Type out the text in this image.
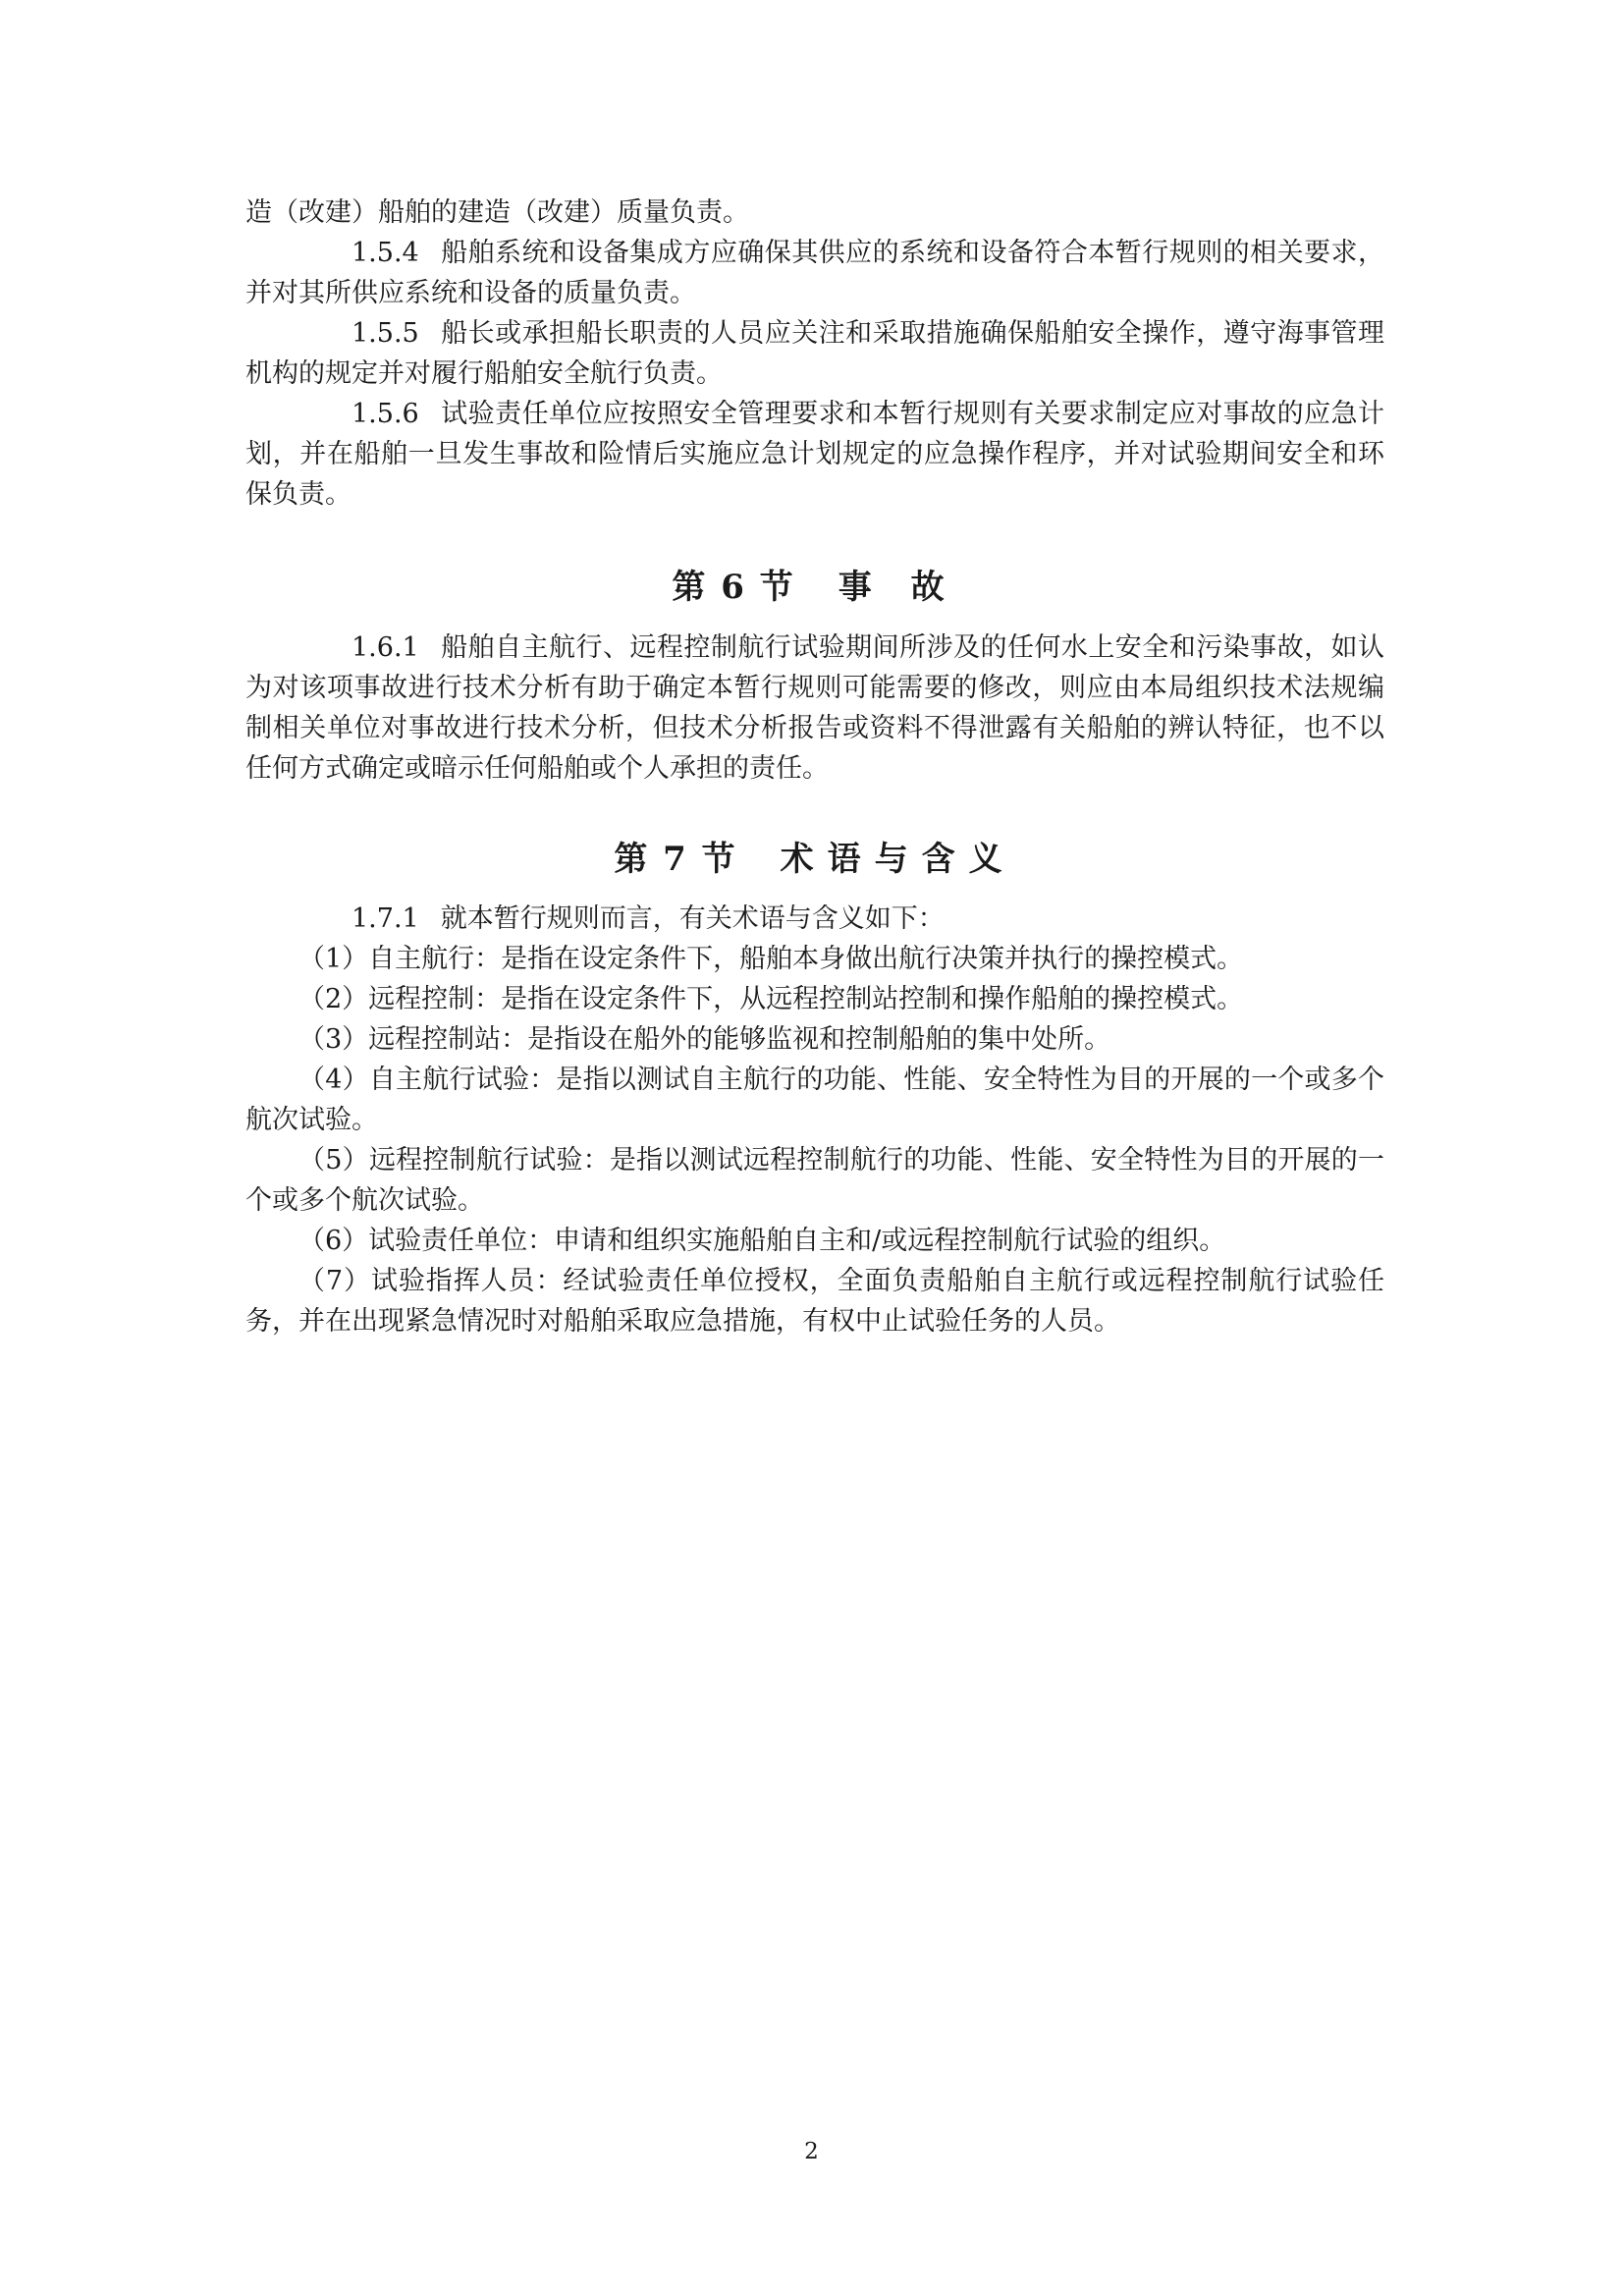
造（改建）船舶的建造（改建）质量负责。

1.5.4 船舶系统和设备集成方应确保其供应的系统和设备符合本暂行规则的相关要求，并对其所供应系统和设备的质量负责。

1.5.5 船长或承担船长职责的人员应关注和采取措施确保船舶安全操作，遵守海事管理机构的规定并对履行船舶安全航行负责。

1.5.6 试验责任单位应按照安全管理要求和本暂行规则有关要求制定应对事故的应急计划，并在船舶一旦发生事故和险情后实施应急计划规定的应急操作程序，并对试验期间安全和环保负责。

第 6 节 事 故

1.6.1 船舶自主航行、远程控制航行试验期间所涉及的任何水上安全和污染事故，如认为对该项事故进行技术分析有助于确定本暂行规则可能需要的修改，则应由本局组织技术法规编制相关单位对事故进行技术分析，但技术分析报告或资料不得泄露有关船舶的辨认特征，也不以任何方式确定或暗示任何船舶或个人承担的责任。

第 7 节 术语与含义

1.7.1 就本暂行规则而言，有关术语与含义如下：

（1）自主航行：是指在设定条件下，船舶本身做出航行决策并执行的操控模式。

（2）远程控制：是指在设定条件下，从远程控制站控制和操作船舶的操控模式。

（3）远程控制站：是指设在船外的能够监视和控制船舶的集中处所。

（4）自主航行试验：是指以测试自主航行的功能、性能、安全特性为目的开展的一个或多个航次试验。

（5）远程控制航行试验：是指以测试远程控制航行的功能、性能、安全特性为目的开展的一个或多个航次试验。

（6）试验责任单位：申请和组织实施船舶自主和/或远程控制航行试验的组织。

（7）试验指挥人员：经试验责任单位授权，全面负责船舶自主航行或远程控制航行试验任务，并在出现紧急情况时对船舶采取应急措施，有权中止试验任务的人员。

2
